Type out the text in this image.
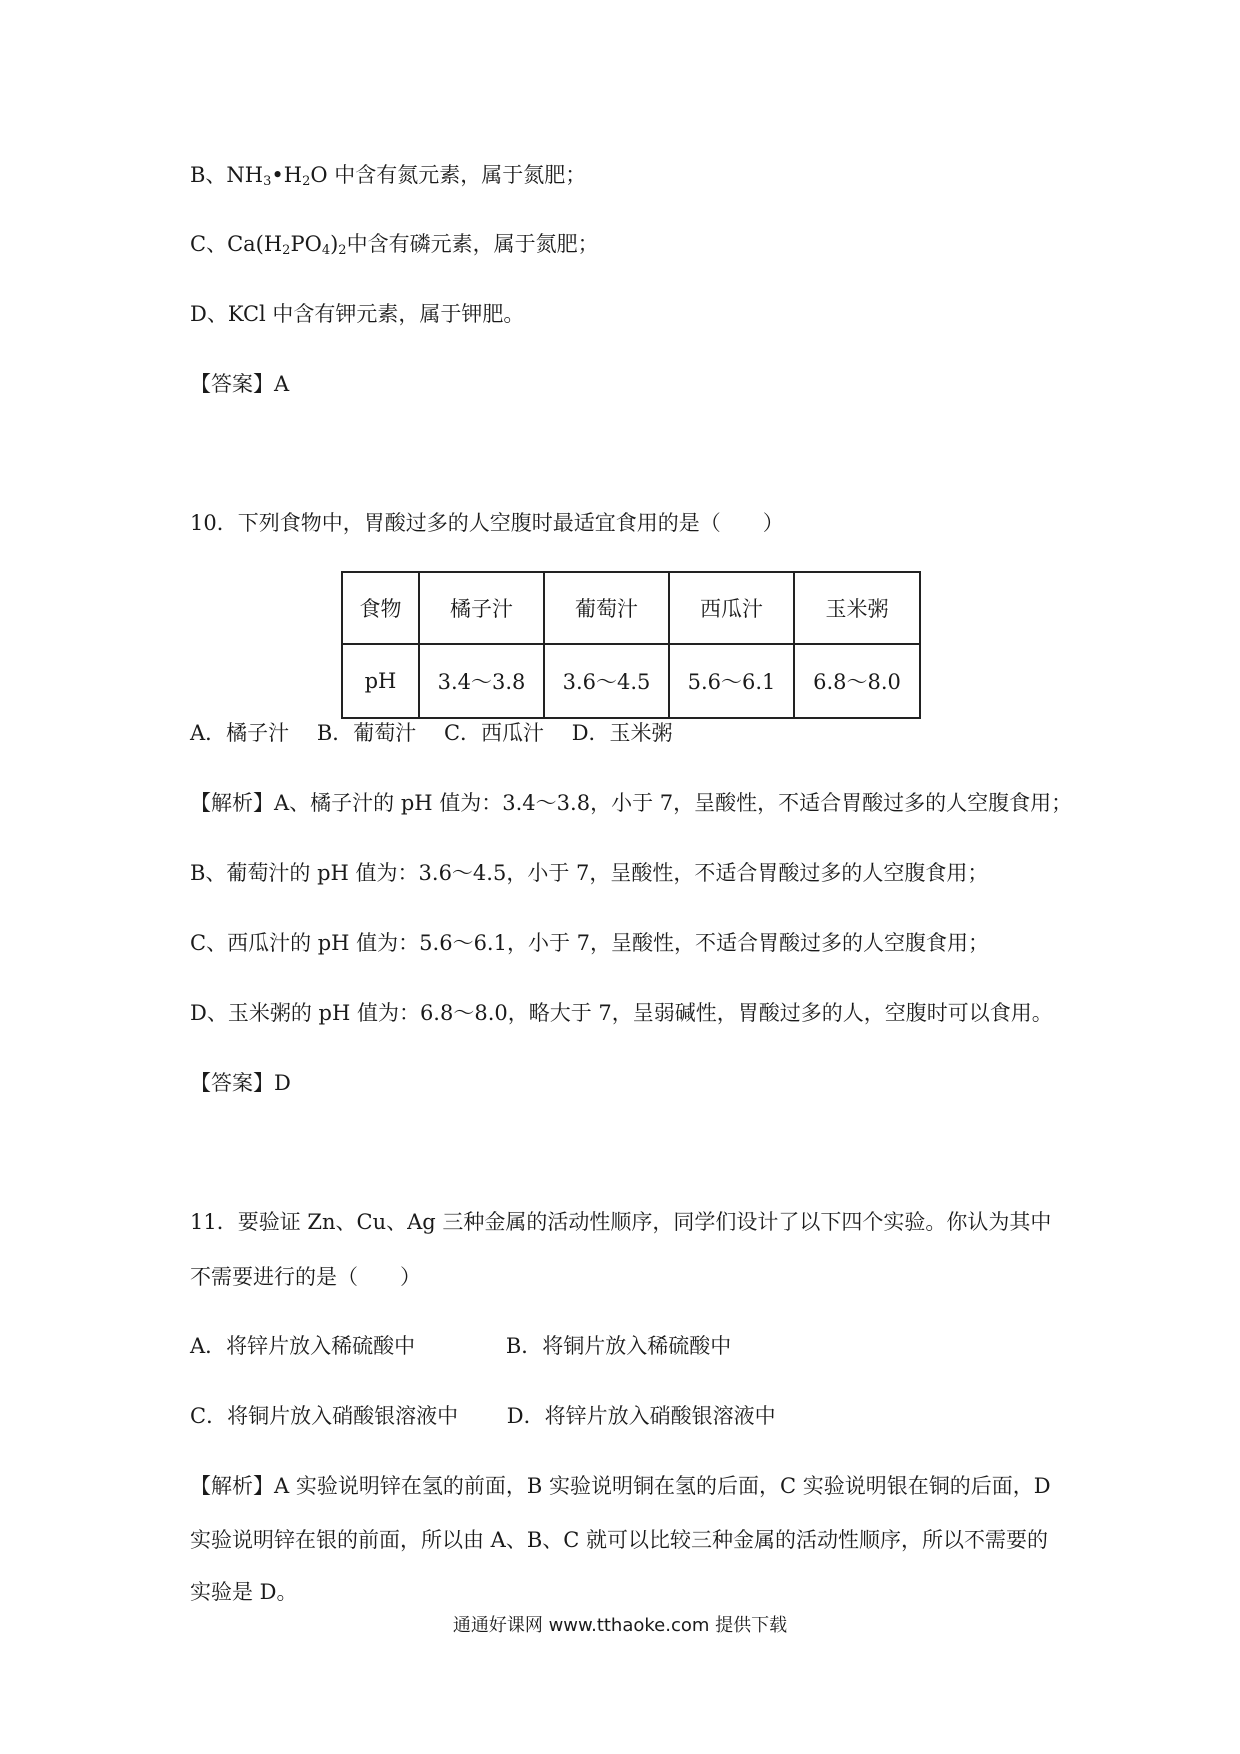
B、$NH_3•H_2O$ 中含有氮元素，属于氮肥；
C、$Ca(H_2PO_4)_2$中含有磷元素，属于氮肥；
D、KCl 中含有钾元素，属于钾肥。
【答案】A
10．下列食物中，胃酸过多的人空腹时最适宜食用的是（　　）
食物	橘子汁	葡萄汁	西瓜汁	玉米粥
pH	3.4～3.8	3.6～4.5	5.6～6.1	6.8～8.0
A．橘子汁　 B．葡萄汁　 C．西瓜汁　 D．玉米粥
【解析】A、橘子汁的 pH 值为：3.4～3.8，小于 7，呈酸性，不适合胃酸过多的人空腹食用；
B、葡萄汁的 pH 值为：3.6～4.5，小于 7，呈酸性，不适合胃酸过多的人空腹食用；
C、西瓜汁的 pH 值为：5.6～6.1，小于 7，呈酸性，不适合胃酸过多的人空腹食用；
D、玉米粥的 pH 值为：6.8～8.0，略大于 7，呈弱碱性，胃酸过多的人，空腹时可以食用。
【答案】D
11．要验证 Zn、Cu、Ag 三种金属的活动性顺序，同学们设计了以下四个实验。你认为其中
不需要进行的是（　　）
A．将锌片放入稀硫酸中　　　　 B．将铜片放入稀硫酸中
C．将铜片放入硝酸银溶液中　　 D．将锌片放入硝酸银溶液中
【解析】A 实验说明锌在氢的前面，B 实验说明铜在氢的后面，C 实验说明银在铜的后面，D
实验说明锌在银的前面，所以由 A、B、C 就可以比较三种金属的活动性顺序，所以不需要的
实验是 D。
通通好课网 www.tthaoke.com 提供下载
